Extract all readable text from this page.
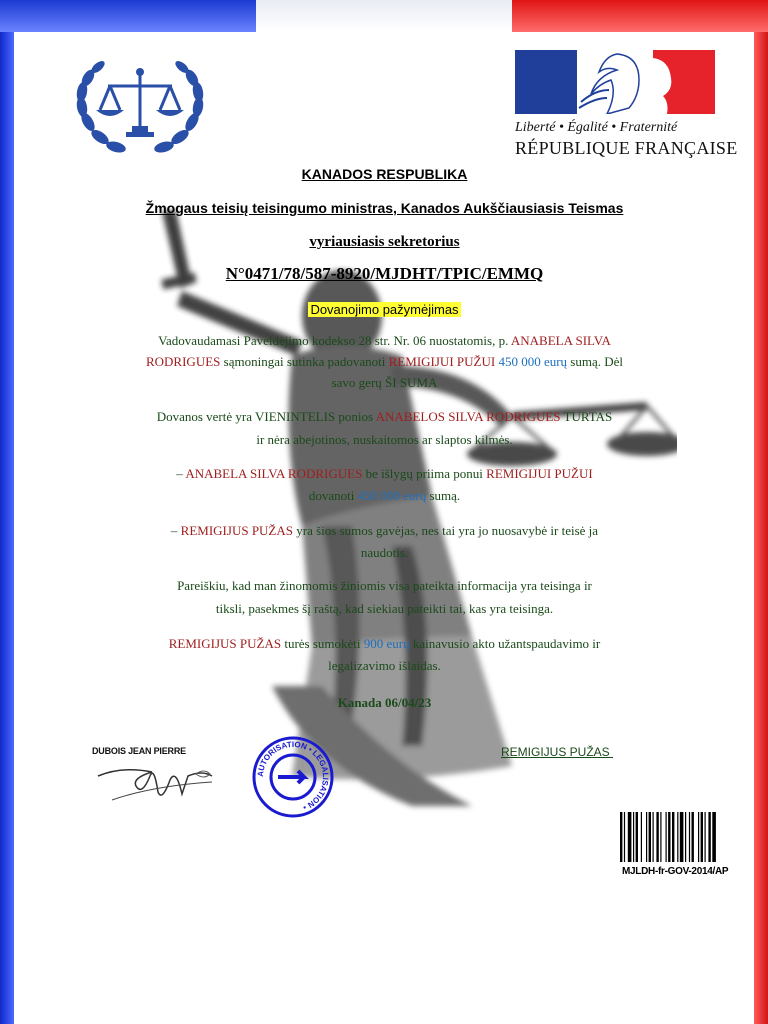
Liberté • Égalité • Fraternité
RÉPUBLIQUE FRANÇAISE
KANADOS RESPUBLIKA
Žmogaus teisių teisingumo ministras, Kanados Aukščiausiasis Teismas
vyriausiasis sekretorius
N°0471/78/587-8920/MJDHT/TPIC/EMMQ
Dovanojimo pažymėjimas
Vadovaudamasi Paveldėjimo kodekso 28 str. Nr. 06 nuostatomis, p. ANABELA SILVA
RODRIGUES sąmoningai sutinka padovanoti REMIGIJUI PUŽUI 450 000 eurų sumą. Dėl
savo gerų ŠI SUMA
Dovanos vertė yra VIENINTELIS ponios ANABELOS SILVA RODRIGUES TURTAS
ir nėra abejotinos, nuskaitomos ar slaptos kilmės.
– ANABELA SILVA RODRIGUES be išlygų priima ponui REMIGIJUI PUŽUI
dovanoti 450 000 eurų sumą.
– REMIGIJUS PUŽAS yra šios sumos gavėjas, nes tai yra jo nuosavybė ir teisė ja
naudotis.
Pareiškiu, kad man žinomomis žiniomis visa pateikta informacija yra teisinga ir
tiksli, pasekmes šį raštą, kad siekiau pateikti tai, kas yra teisinga.
REMIGIJUS PUŽAS turės sumokėti 900 eurų kainavusio akto užantspaudavimo ir
legalizavimo išlaidas.
Kanada 06/04/23
DUBOIS JEAN PIERRE
AUTORISATION • LEGALISATION •
REMIGIJUS PUŽAS
MJLDH-fr-GOV-2014/AP
